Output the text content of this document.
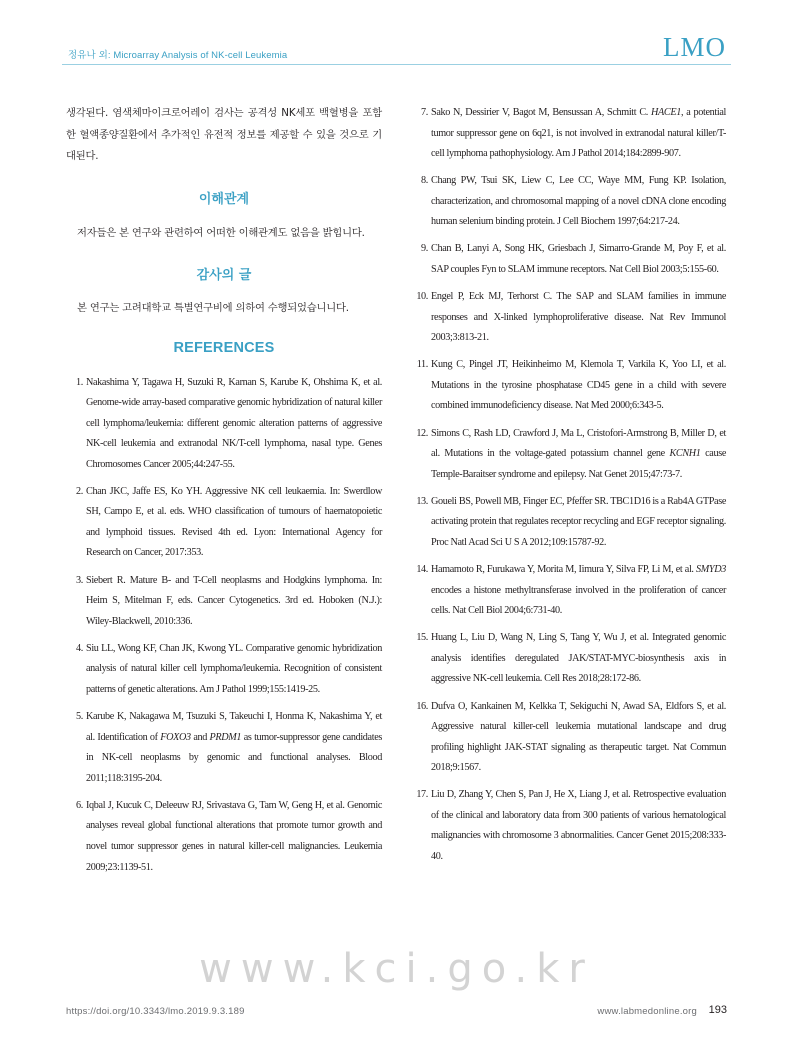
정유나 외: Microarray Analysis of NK-cell Leukemia	LMO

생각된다. 염색체마이크로어레이 검사는 공격성 NK세포 백혈병을 포함한 혈액종양질환에서 추가적인 유전적 정보를 제공할 수 있을 것으로 기대된다.

이해관계

저자들은 본 연구와 관련하여 어떠한 이해관계도 없음을 밝힙니다.

감사의 글

본 연구는 고려대학교 특별연구비에 의하여 수행되었습니니다.

REFERENCES
1. Nakashima Y, Tagawa H, Suzuki R, Karnan S, Karube K, Ohshima K, et al. Genome-wide array-based comparative genomic hybridization of natural killer cell lymphoma/leukemia: different genomic alteration patterns of aggressive NK-cell leukemia and extranodal NK/T-cell lymphoma, nasal type. Genes Chromosomes Cancer 2005;44:247-55.
2. Chan JKC, Jaffe ES, Ko YH. Aggressive NK cell leukaemia. In: Swerdlow SH, Campo E, et al. eds. WHO classification of tumours of haematopoietic and lymphoid tissues. Revised 4th ed. Lyon: International Agency for Research on Cancer, 2017:353.
3. Siebert R. Mature B- and T-Cell neoplasms and Hodgkins lymphoma. In: Heim S, Mitelman F, eds. Cancer Cytogenetics. 3rd ed. Hoboken (N.J.): Wiley-Blackwell, 2010:336.
4. Siu LL, Wong KF, Chan JK, Kwong YL. Comparative genomic hybridization analysis of natural killer cell lymphoma/leukemia. Recognition of consistent patterns of genetic alterations. Am J Pathol 1999;155:1419-25.
5. Karube K, Nakagawa M, Tsuzuki S, Takeuchi I, Honma K, Nakashima Y, et al. Identification of FOXO3 and PRDM1 as tumor-suppressor gene candidates in NK-cell neoplasms by genomic and functional analyses. Blood 2011;118:3195-204.
6. Iqbal J, Kucuk C, Deleeuw RJ, Srivastava G, Tam W, Geng H, et al. Genomic analyses reveal global functional alterations that promote tumor growth and novel tumor suppressor genes in natural killer-cell malignancies. Leukemia 2009;23:1139-51.
7. Sako N, Dessirier V, Bagot M, Bensussan A, Schmitt C. HACE1, a potential tumor suppressor gene on 6q21, is not involved in extranodal natural killer/T-cell lymphoma pathophysiology. Am J Pathol 2014;184:2899-907.
8. Chang PW, Tsui SK, Liew C, Lee CC, Waye MM, Fung KP. Isolation, characterization, and chromosomal mapping of a novel cDNA clone encoding human selenium binding protein. J Cell Biochem 1997;64:217-24.
9. Chan B, Lanyi A, Song HK, Griesbach J, Simarro-Grande M, Poy F, et al. SAP couples Fyn to SLAM immune receptors. Nat Cell Biol 2003;5:155-60.
10. Engel P, Eck MJ, Terhorst C. The SAP and SLAM families in immune responses and X-linked lymphoproliferative disease. Nat Rev Immunol 2003;3:813-21.
11. Kung C, Pingel JT, Heikinheimo M, Klemola T, Varkila K, Yoo LI, et al. Mutations in the tyrosine phosphatase CD45 gene in a child with severe combined immunodeficiency disease. Nat Med 2000;6:343-5.
12. Simons C, Rash LD, Crawford J, Ma L, Cristofori-Armstrong B, Miller D, et al. Mutations in the voltage-gated potassium channel gene KCNH1 cause Temple-Baraitser syndrome and epilepsy. Nat Genet 2015;47:73-7.
13. Goueli BS, Powell MB, Finger EC, Pfeffer SR. TBC1D16 is a Rab4A GTPase activating protein that regulates receptor recycling and EGF receptor signaling. Proc Natl Acad Sci U S A 2012;109:15787-92.
14. Hamamoto R, Furukawa Y, Morita M, Iimura Y, Silva FP, Li M, et al. SMYD3 encodes a histone methyltransferase involved in the proliferation of cancer cells. Nat Cell Biol 2004;6:731-40.
15. Huang L, Liu D, Wang N, Ling S, Tang Y, Wu J, et al. Integrated genomic analysis identifies deregulated JAK/STAT-MYC-biosynthesis axis in aggressive NK-cell leukemia. Cell Res 2018;28:172-86.
16. Dufva O, Kankainen M, Kelkka T, Sekiguchi N, Awad SA, Eldfors S, et al. Aggressive natural killer-cell leukemia mutational landscape and drug profiling highlight JAK-STAT signaling as therapeutic target. Nat Commun 2018;9:1567.
17. Liu D, Zhang Y, Chen S, Pan J, He X, Liang J, et al. Retrospective evaluation of the clinical and laboratory data from 300 patients of various hematological malignancies with chromosome 3 abnormalities. Cancer Genet 2015;208:333-40.
www.kci.go.kr
https://doi.org/10.3343/lmo.2019.9.3.189	www.labmedonline.org 193
